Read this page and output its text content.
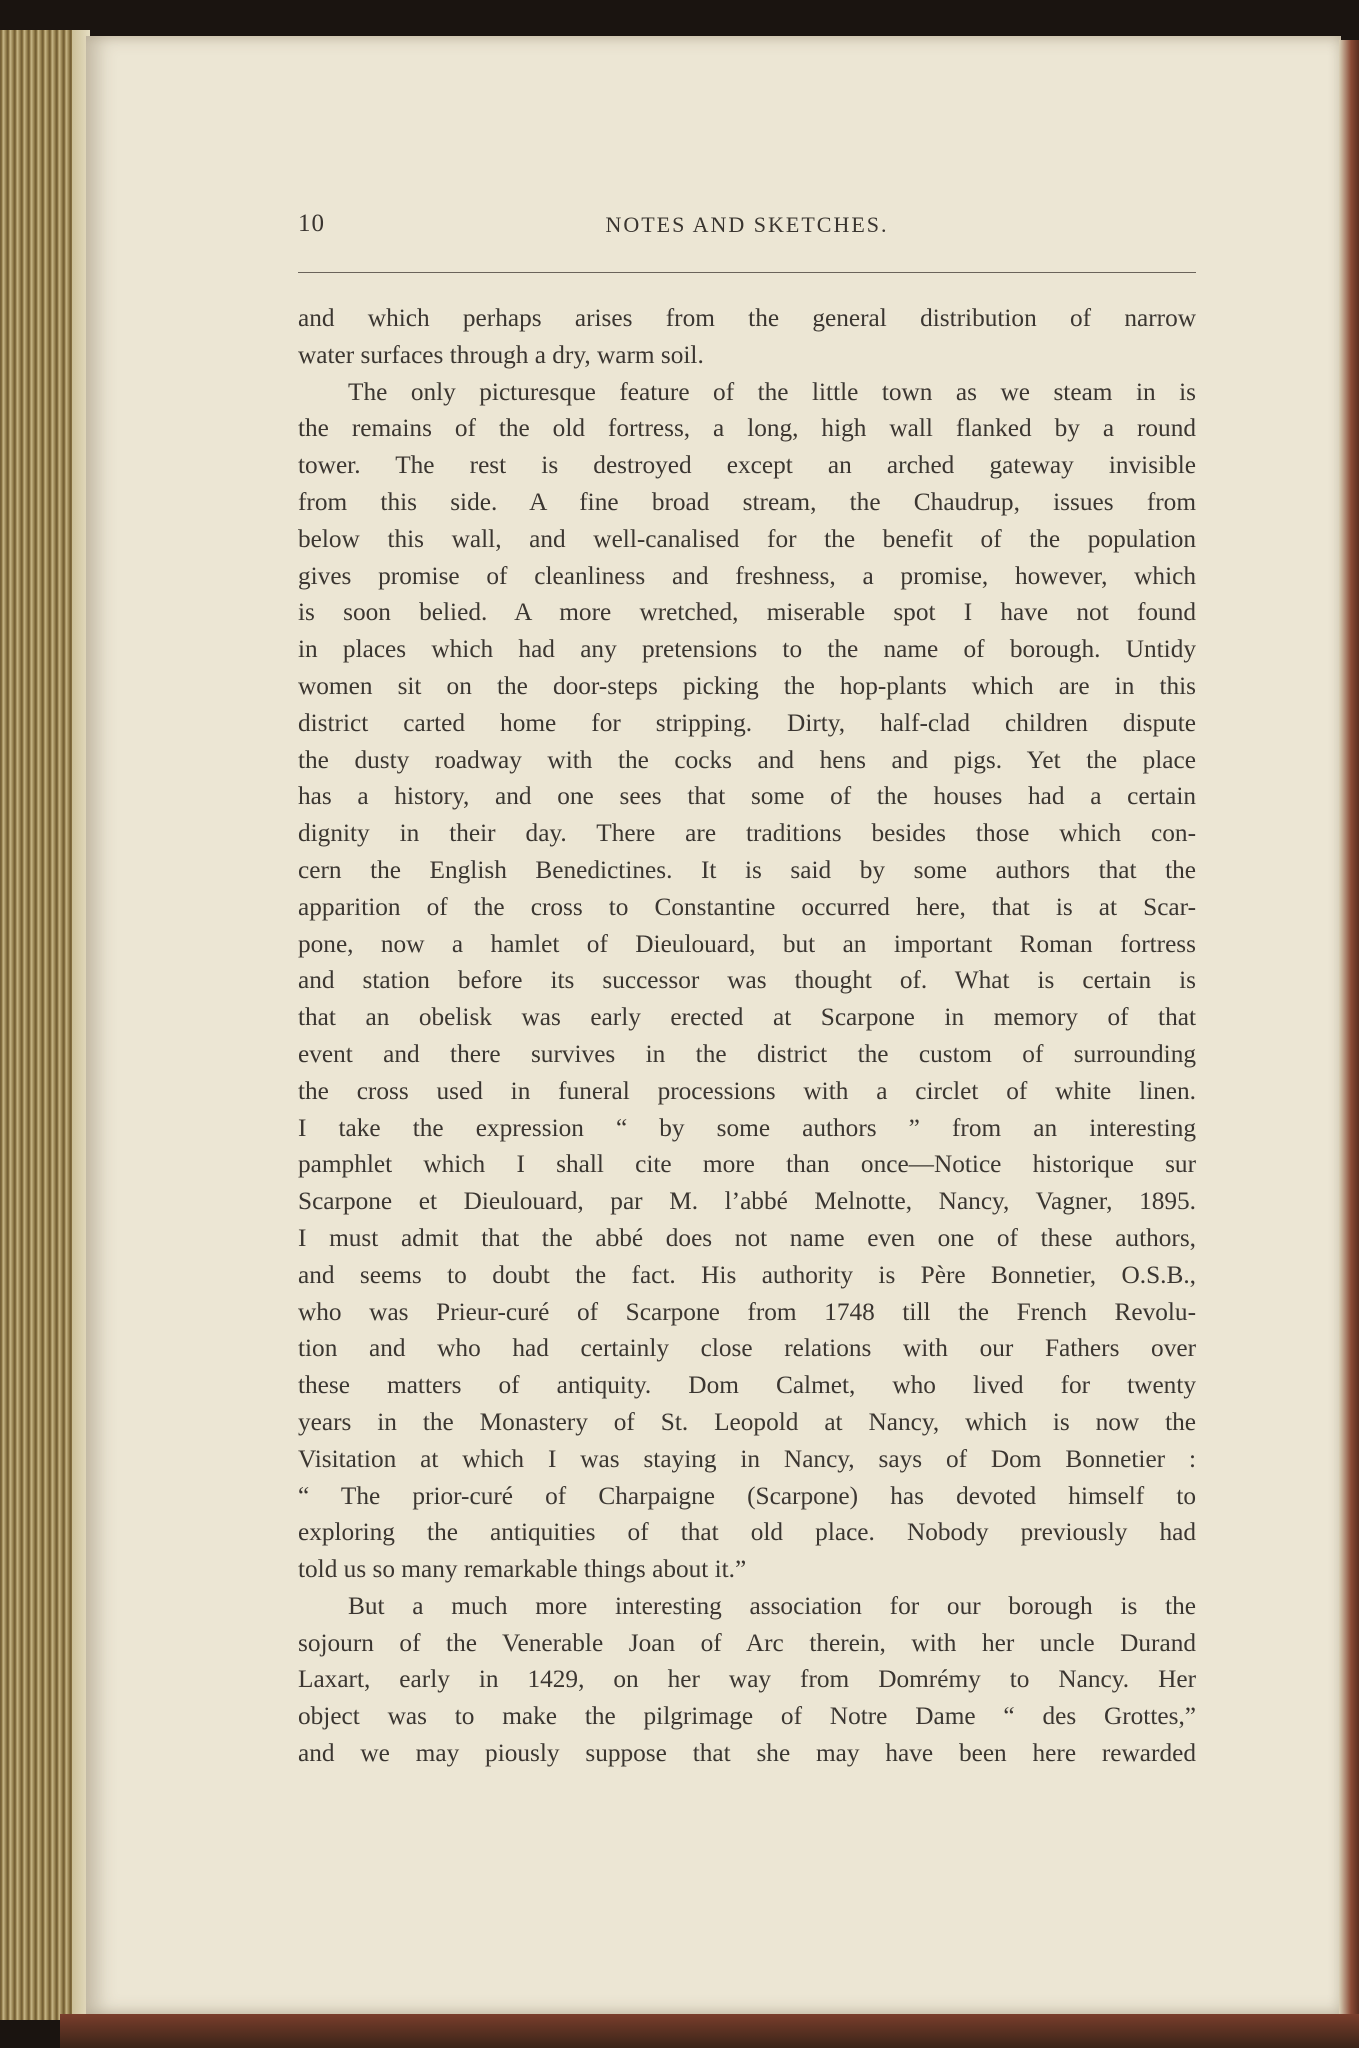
10	NOTES AND SKETCHES.
and which perhaps arises from the general distribution of narrow
water surfaces through a dry, warm soil.
The only picturesque feature of the little town as we steam in is
the remains of the old fortress, a long, high wall flanked by a round
tower. The rest is destroyed except an arched gateway invisible
from this side. A fine broad stream, the Chaudrup, issues from
below this wall, and well-canalised for the benefit of the population
gives promise of cleanliness and freshness, a promise, however, which
is soon belied. A more wretched, miserable spot I have not found
in places which had any pretensions to the name of borough. Untidy
women sit on the door-steps picking the hop-plants which are in this
district carted home for stripping. Dirty, half-clad children dispute
the dusty roadway with the cocks and hens and pigs. Yet the place
has a history, and one sees that some of the houses had a certain
dignity in their day. There are traditions besides those which con-
cern the English Benedictines. It is said by some authors that the
apparition of the cross to Constantine occurred here, that is at Scar-
pone, now a hamlet of Dieulouard, but an important Roman fortress
and station before its successor was thought of. What is certain is
that an obelisk was early erected at Scarpone in memory of that
event and there survives in the district the custom of surrounding
the cross used in funeral processions with a circlet of white linen.
I take the expression “ by some authors ” from an interesting
pamphlet which I shall cite more than once—Notice historique sur
Scarpone et Dieulouard, par M. l’abbé Melnotte, Nancy, Vagner, 1895.
I must admit that the abbé does not name even one of these authors,
and seems to doubt the fact. His authority is Père Bonnetier, O.S.B.,
who was Prieur-curé of Scarpone from 1748 till the French Revolu-
tion and who had certainly close relations with our Fathers over
these matters of antiquity. Dom Calmet, who lived for twenty
years in the Monastery of St. Leopold at Nancy, which is now the
Visitation at which I was staying in Nancy, says of Dom Bonnetier :
“ The prior-curé of Charpaigne (Scarpone) has devoted himself to
exploring the antiquities of that old place. Nobody previously had
told us so many remarkable things about it.”
But a much more interesting association for our borough is the
sojourn of the Venerable Joan of Arc therein, with her uncle Durand
Laxart, early in 1429, on her way from Domrémy to Nancy. Her
object was to make the pilgrimage of Notre Dame “ des Grottes,”
and we may piously suppose that she may have been here rewarded
